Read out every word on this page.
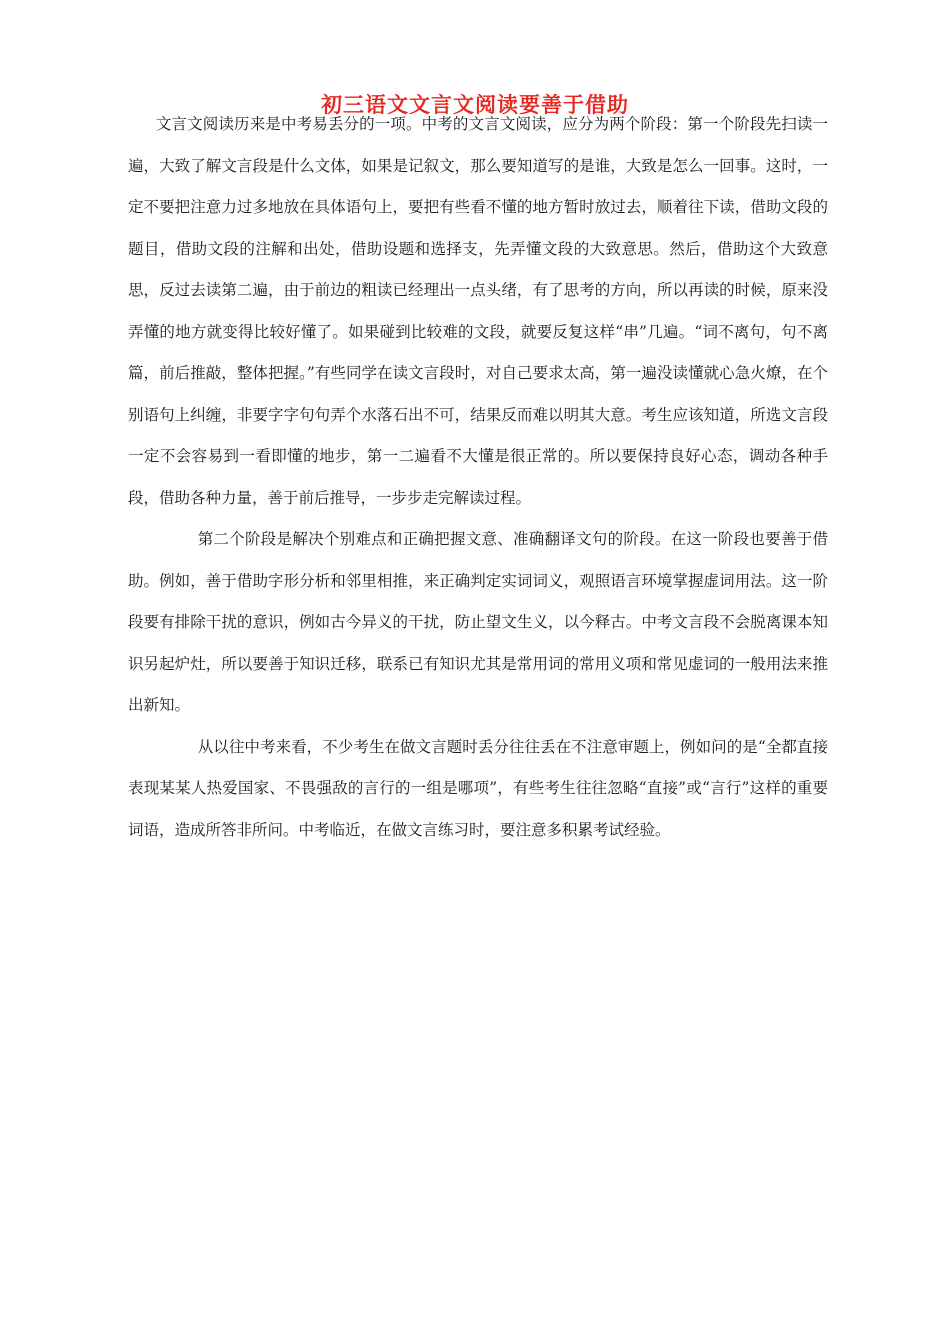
初三语文文言文阅读要善于借助

文言文阅读历来是中考易丢分的一项。中考的文言文阅读，应分为两个阶段：第一个阶段先扫读一遍，大致了解文言段是什么文体，如果是记叙文，那么要知道写的是谁，大致是怎么一回事。这时，一定不要把注意力过多地放在具体语句上，要把有些看不懂的地方暂时放过去，顺着往下读，借助文段的题目，借助文段的注解和出处，借助设题和选择支，先弄懂文段的大致意思。然后，借助这个大致意思，反过去读第二遍，由于前边的粗读已经理出一点头绪，有了思考的方向，所以再读的时候，原来没弄懂的地方就变得比较好懂了。如果碰到比较难的文段，就要反复这样“串”几遍。“词不离句，句不离篇，前后推敲，整体把握。”有些同学在读文言段时，对自己要求太高，第一遍没读懂就心急火燎，在个别语句上纠缠，非要字字句句弄个水落石出不可，结果反而难以明其大意。考生应该知道，所选文言段一定不会容易到一看即懂的地步，第一二遍看不大懂是很正常的。所以要保持良好心态，调动各种手段，借助各种力量，善于前后推导，一步步走完解读过程。

第二个阶段是解决个别难点和正确把握文意、准确翻译文句的阶段。在这一阶段也要善于借助。例如，善于借助字形分析和邻里相推，来正确判定实词词义，观照语言环境掌握虚词用法。这一阶段要有排除干扰的意识，例如古今异义的干扰，防止望文生义，以今释古。中考文言段不会脱离课本知识另起炉灶，所以要善于知识迁移，联系已有知识尤其是常用词的常用义项和常见虚词的一般用法来推出新知。

从以往中考来看，不少考生在做文言题时丢分往往丢在不注意审题上，例如问的是“全都直接表现某某人热爱国家、不畏强敌的言行的一组是哪项”，有些考生往往忽略“直接”或“言行”这样的重要词语，造成所答非所问。中考临近，在做文言练习时，要注意多积累考试经验。
